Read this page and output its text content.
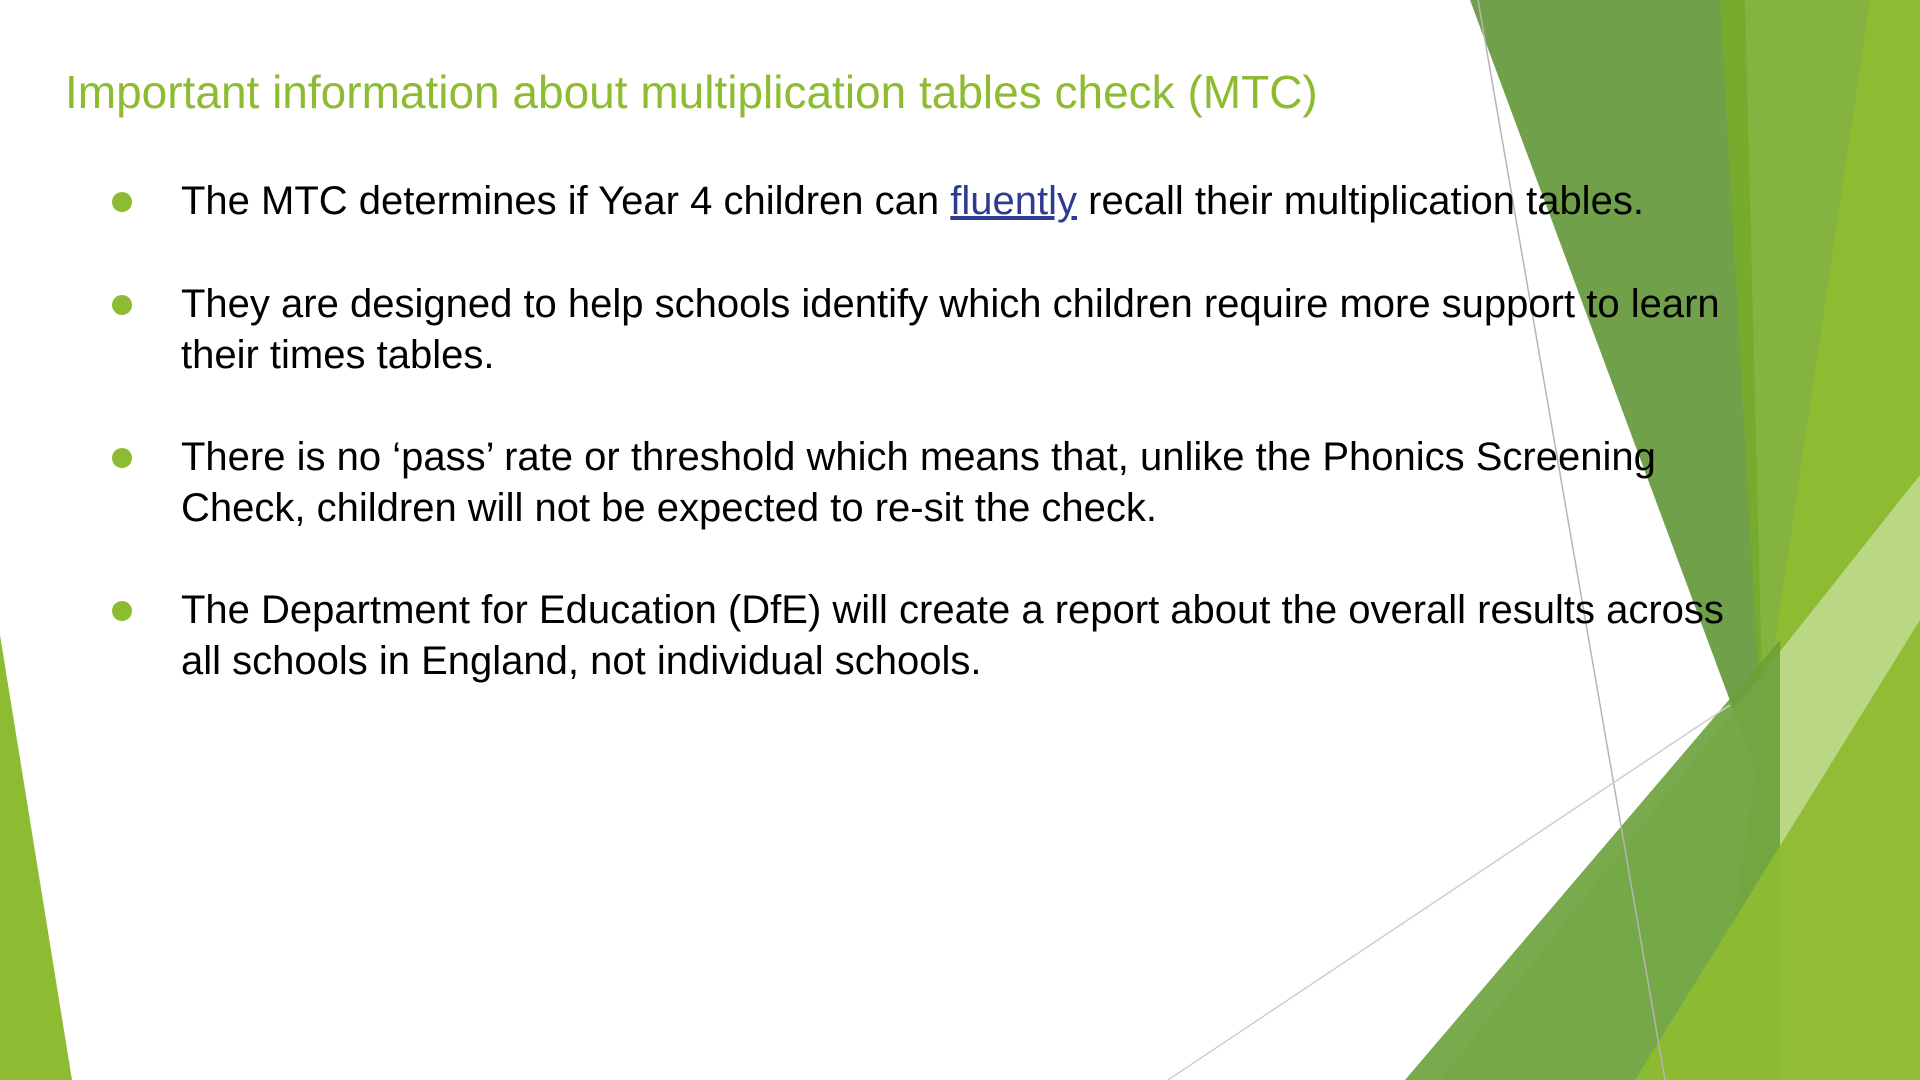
Important information about multiplication tables check (MTC)
The MTC determines if Year 4 children can fluently recall their multiplication tables.
They are designed to help schools identify which children require more support to learn
their times tables.
There is no ‘pass’ rate or threshold which means that, unlike the Phonics Screening
Check, children will not be expected to re-sit the check.
The Department for Education (DfE) will create a report about the overall results across
all schools in England, not individual schools.
